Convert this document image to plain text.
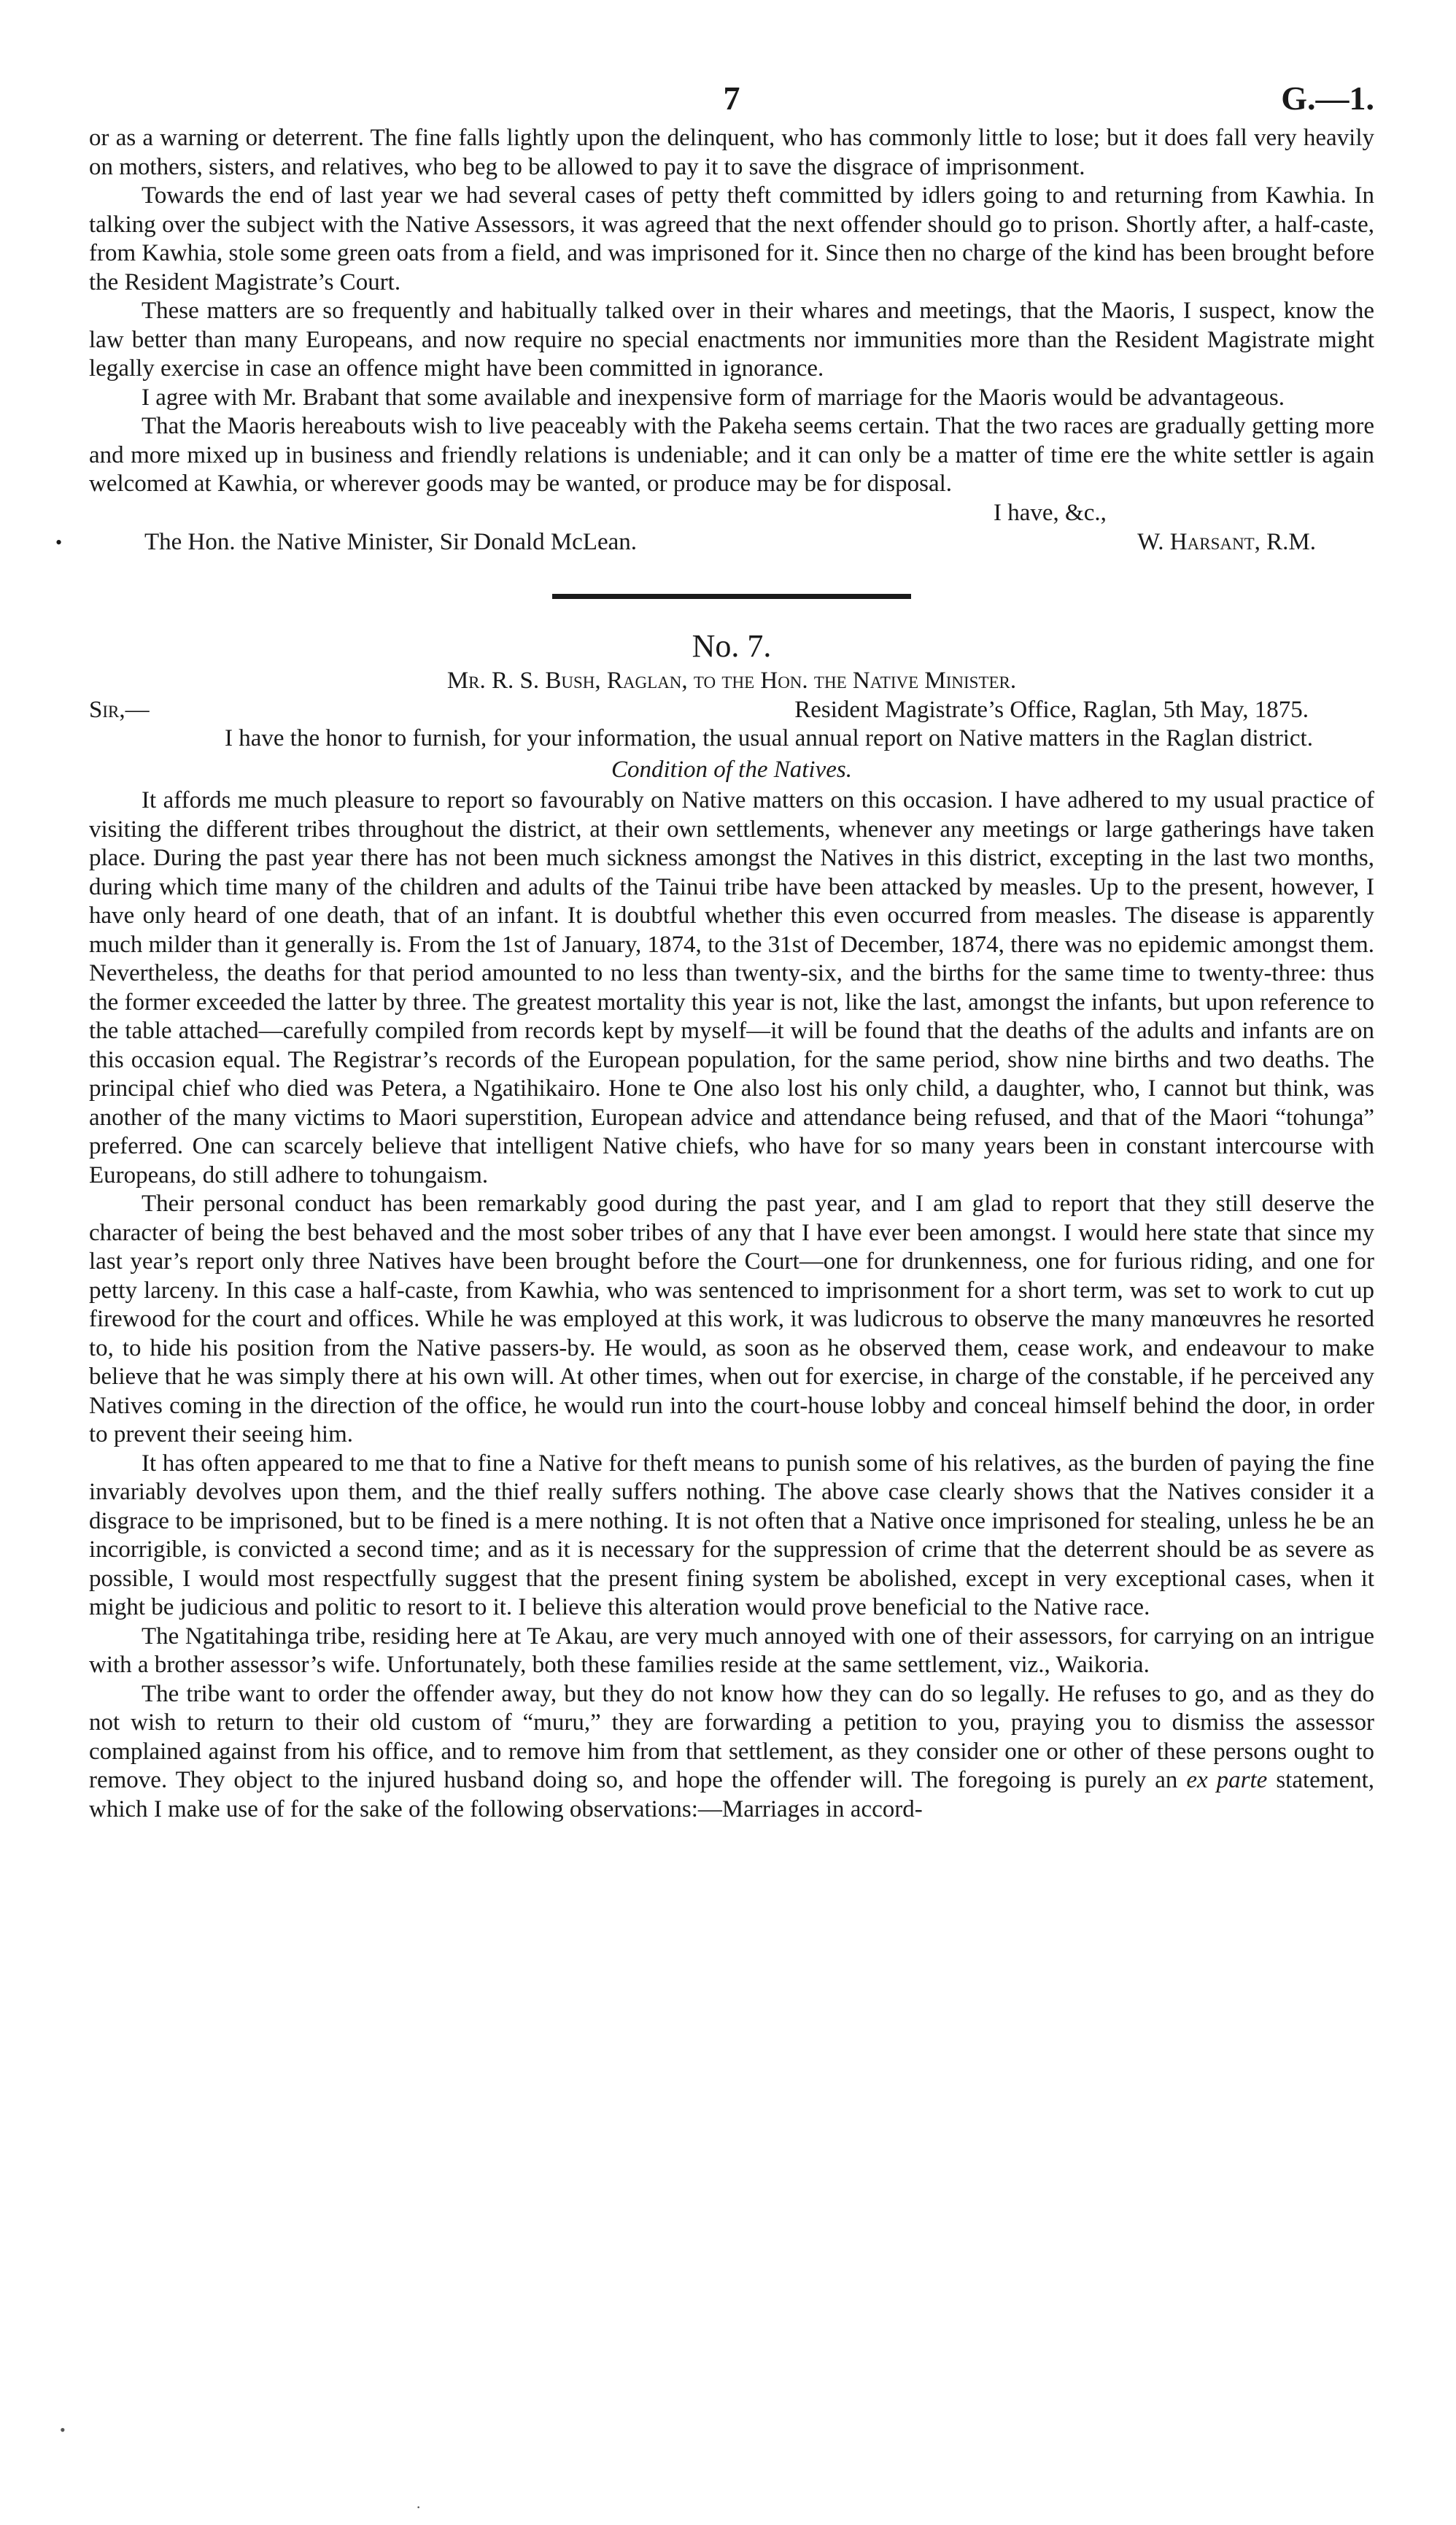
7	G.—1.

or as a warning or deterrent. The fine falls lightly upon the delinquent, who has commonly little to lose; but it does fall very heavily on mothers, sisters, and relatives, who beg to be allowed to pay it to save the disgrace of imprisonment.

Towards the end of last year we had several cases of petty theft committed by idlers going to and returning from Kawhia. In talking over the subject with the Native Assessors, it was agreed that the next offender should go to prison. Shortly after, a half-caste, from Kawhia, stole some green oats from a field, and was imprisoned for it. Since then no charge of the kind has been brought before the Resident Magistrate’s Court.

These matters are so frequently and habitually talked over in their whares and meetings, that the Maoris, I suspect, know the law better than many Europeans, and now require no special enactments nor immunities more than the Resident Magistrate might legally exercise in case an offence might have been committed in ignorance.

I agree with Mr. Brabant that some available and inexpensive form of marriage for the Maoris would be advantageous.

That the Maoris hereabouts wish to live peaceably with the Pakeha seems certain. That the two races are gradually getting more and more mixed up in business and friendly relations is undeniable; and it can only be a matter of time ere the white settler is again welcomed at Kawhia, or wherever goods may be wanted, or produce may be for disposal.

I have, &c.,
•	The Hon. the Native Minister, Sir Donald McLean.	W. Harsant, R.M.
No. 7.
Mr. R. S. Bush, Raglan, to the Hon. the Native Minister.
Sir,—	Resident Magistrate’s Office, Raglan, 5th May, 1875.

I have the honor to furnish, for your information, the usual annual report on Native matters in the Raglan district.

Condition of the Natives.

It affords me much pleasure to report so favourably on Native matters on this occasion. I have adhered to my usual practice of visiting the different tribes throughout the district, at their own settlements, whenever any meetings or large gatherings have taken place. During the past year there has not been much sickness amongst the Natives in this district, excepting in the last two months, during which time many of the children and adults of the Tainui tribe have been attacked by measles. Up to the present, however, I have only heard of one death, that of an infant. It is doubtful whether this even occurred from measles. The disease is apparently much milder than it generally is. From the 1st of January, 1874, to the 31st of December, 1874, there was no epidemic amongst them. Nevertheless, the deaths for that period amounted to no less than twenty-six, and the births for the same time to twenty-three: thus the former exceeded the latter by three. The greatest mortality this year is not, like the last, amongst the infants, but upon reference to the table attached—carefully compiled from records kept by myself—it will be found that the deaths of the adults and infants are on this occasion equal. The Registrar’s records of the European population, for the same period, show nine births and two deaths. The principal chief who died was Petera, a Ngatihikairo. Hone te One also lost his only child, a daughter, who, I cannot but think, was another of the many victims to Maori superstition, European advice and attendance being refused, and that of the Maori “tohunga” preferred. One can scarcely believe that intelligent Native chiefs, who have for so many years been in constant intercourse with Europeans, do still adhere to tohungaism.

Their personal conduct has been remarkably good during the past year, and I am glad to report that they still deserve the character of being the best behaved and the most sober tribes of any that I have ever been amongst. I would here state that since my last year’s report only three Natives have been brought before the Court—one for drunkenness, one for furious riding, and one for petty larceny. In this case a half-caste, from Kawhia, who was sentenced to imprisonment for a short term, was set to work to cut up firewood for the court and offices. While he was employed at this work, it was ludicrous to observe the many manœuvres he resorted to, to hide his position from the Native passers-by. He would, as soon as he observed them, cease work, and endeavour to make believe that he was simply there at his own will. At other times, when out for exercise, in charge of the constable, if he perceived any Natives coming in the direction of the office, he would run into the court-house lobby and conceal himself behind the door, in order to prevent their seeing him.

It has often appeared to me that to fine a Native for theft means to punish some of his relatives, as the burden of paying the fine invariably devolves upon them, and the thief really suffers nothing. The above case clearly shows that the Natives consider it a disgrace to be imprisoned, but to be fined is a mere nothing. It is not often that a Native once imprisoned for stealing, unless he be an incorrigible, is convicted a second time; and as it is necessary for the suppression of crime that the deterrent should be as severe as possible, I would most respectfully suggest that the present fining system be abolished, except in very exceptional cases, when it might be judicious and politic to resort to it. I believe this alteration would prove beneficial to the Native race.

The Ngatitahinga tribe, residing here at Te Akau, are very much annoyed with one of their assessors, for carrying on an intrigue with a brother assessor’s wife. Unfortunately, both these families reside at the same settlement, viz., Waikoria.

The tribe want to order the offender away, but they do not know how they can do so legally. He refuses to go, and as they do not wish to return to their old custom of “muru,” they are forwarding a petition to you, praying you to dismiss the assessor complained against from his office, and to remove him from that settlement, as they consider one or other of these persons ought to remove. They object to the injured husband doing so, and hope the offender will. The foregoing is purely an ex parte statement, which I make use of for the sake of the following observations:—Marriages in accord-

•
·
